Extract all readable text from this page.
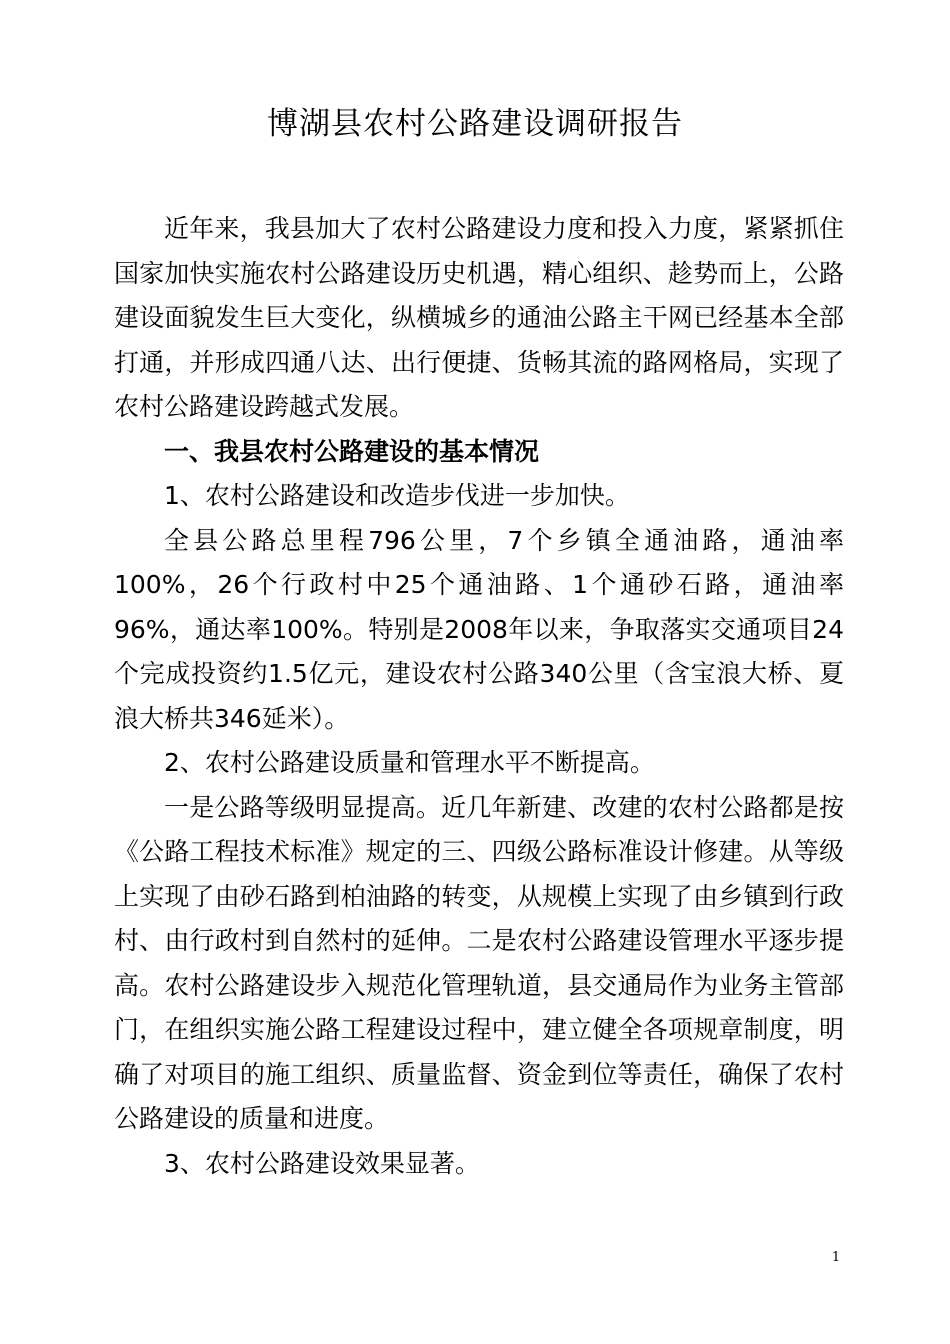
博湖县农村公路建设调研报告

近年来，我县加大了农村公路建设力度和投入力度，紧紧抓住国家加快实施农村公路建设历史机遇，精心组织、趁势而上，公路建设面貌发生巨大变化，纵横城乡的通油公路主干网已经基本全部打通，并形成四通八达、出行便捷、货畅其流的路网格局，实现了农村公路建设跨越式发展。

一、我县农村公路建设的基本情况

1、农村公路建设和改造步伐进一步加快。

全县公路总里程796公里，7个乡镇全通油路，通油率100%，26个行政村中25个通油路、1个通砂石路，通油率96%，通达率100%。特别是2008年以来，争取落实交通项目24个完成投资约1.5亿元，建设农村公路340公里（含宝浪大桥、夏浪大桥共346延米）。

2、农村公路建设质量和管理水平不断提高。

一是公路等级明显提高。近几年新建、改建的农村公路都是按《公路工程技术标准》规定的三、四级公路标准设计修建。从等级上实现了由砂石路到柏油路的转变，从规模上实现了由乡镇到行政村、由行政村到自然村的延伸。二是农村公路建设管理水平逐步提高。农村公路建设步入规范化管理轨道，县交通局作为业务主管部门，在组织实施公路工程建设过程中，建立健全各项规章制度，明确了对项目的施工组织、质量监督、资金到位等责任，确保了农村公路建设的质量和进度。

3、农村公路建设效果显著。

1
